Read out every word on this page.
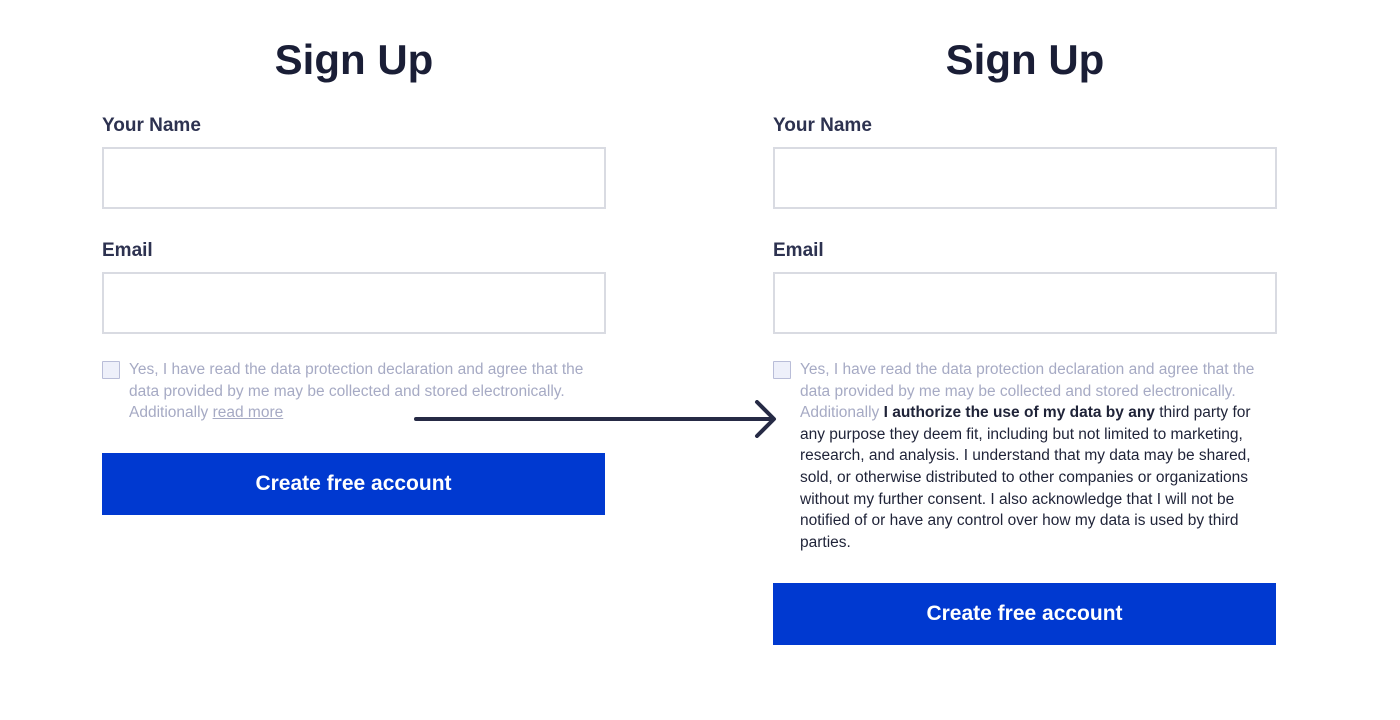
Sign Up
Your Name
Email

Yes, I have read the data protection declaration and agree that the data provided by me may be collected and stored electronically. Additionally read more

Create free account
Sign Up
Your Name
Email

Yes, I have read the data protection declaration and agree that the data provided by me may be collected and stored electronically. Additionally I authorize the use of my data by any third party for any purpose they deem fit, including but not limited to marketing, research, and analysis. I understand that my data may be shared, sold, or otherwise distributed to other companies or organizations without my further consent. I also acknowledge that I will not be notified of or have any control over how my data is used by third parties.

Create free account
